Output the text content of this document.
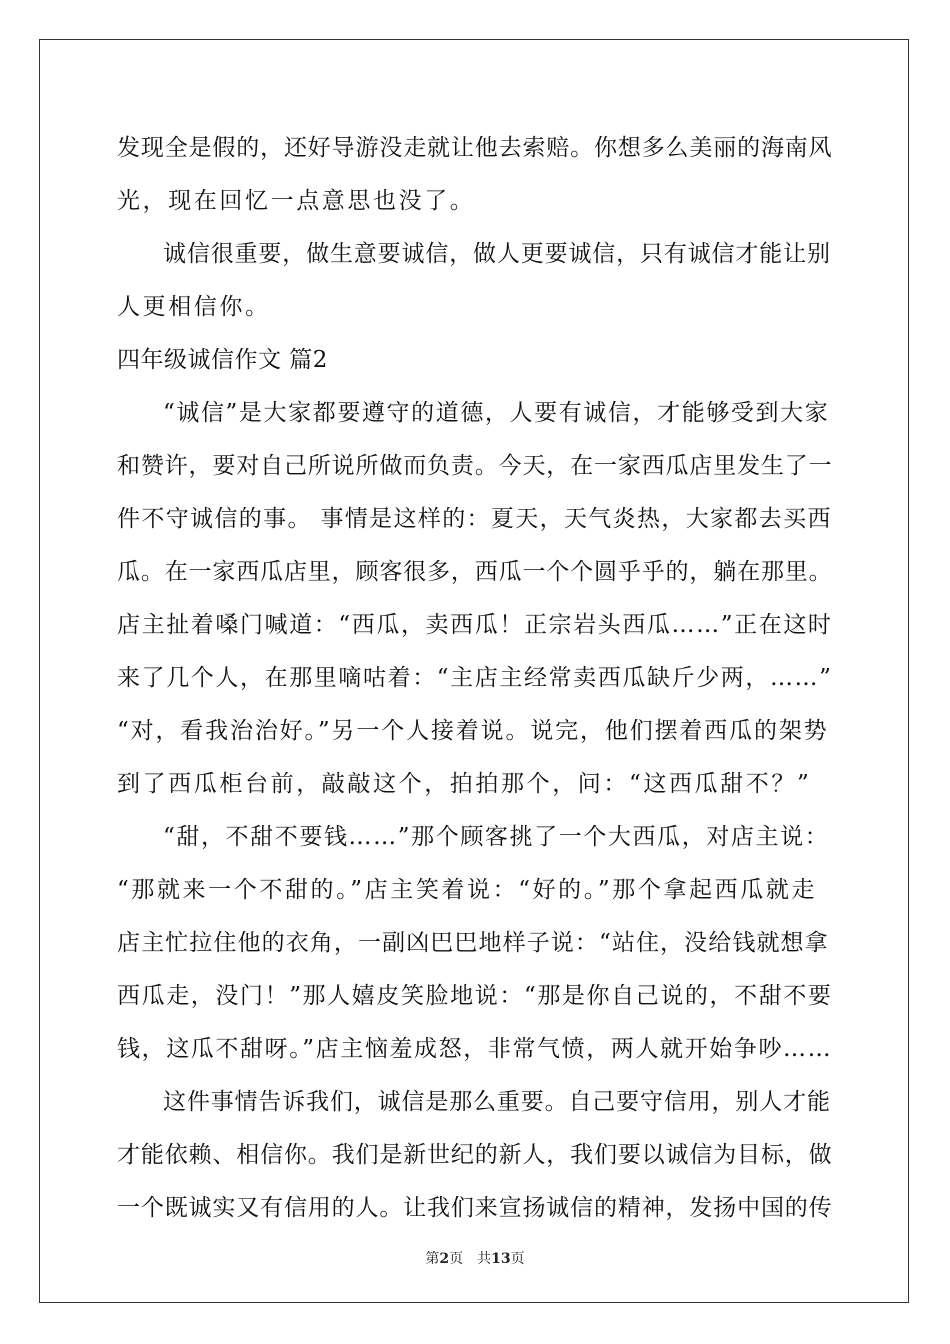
发现全是假的，还好导游没走就让他去索赔。你想多么美丽的海南风
光，现在回忆一点意思也没了。
诚信很重要，做生意要诚信，做人更要诚信，只有诚信才能让别
人更相信你。
四年级诚信作文 篇2
“诚信”是大家都要遵守的道德，人要有诚信，才能够受到大家
和赞许，要对自己所说所做而负责。今天，在一家西瓜店里发生了一
件不守诚信的事。 事情是这样的：夏天，天气炎热，大家都去买西
瓜。在一家西瓜店里，顾客很多，西瓜一个个圆乎乎的，躺在那里。
店主扯着嗓门喊道：“西瓜，卖西瓜！正宗岩头西瓜……”正在这时
来了几个人，在那里嘀咕着：“主店主经常卖西瓜缺斤少两，……”
“对，看我治治好。”另一个人接着说。说完，他们摆着西瓜的架势
到了西瓜柜台前，敲敲这个，拍拍那个，问：“这西瓜甜不？”
“甜，不甜不要钱……”那个顾客挑了一个大西瓜，对店主说：
“那就来一个不甜的。”店主笑着说：“好的。”那个拿起西瓜就走
店主忙拉住他的衣角，一副凶巴巴地样子说：“站住，没给钱就想拿
西瓜走，没门！”那人嬉皮笑脸地说：“那是你自己说的，不甜不要
钱，这瓜不甜呀。”店主恼羞成怒，非常气愤，两人就开始争吵……
这件事情告诉我们，诚信是那么重要。自己要守信用，别人才能
才能依赖、相信你。我们是新世纪的新人，我们要以诚信为目标，做
一个既诚实又有信用的人。让我们来宣扬诚信的精神，发扬中国的传
第2页　共13页
